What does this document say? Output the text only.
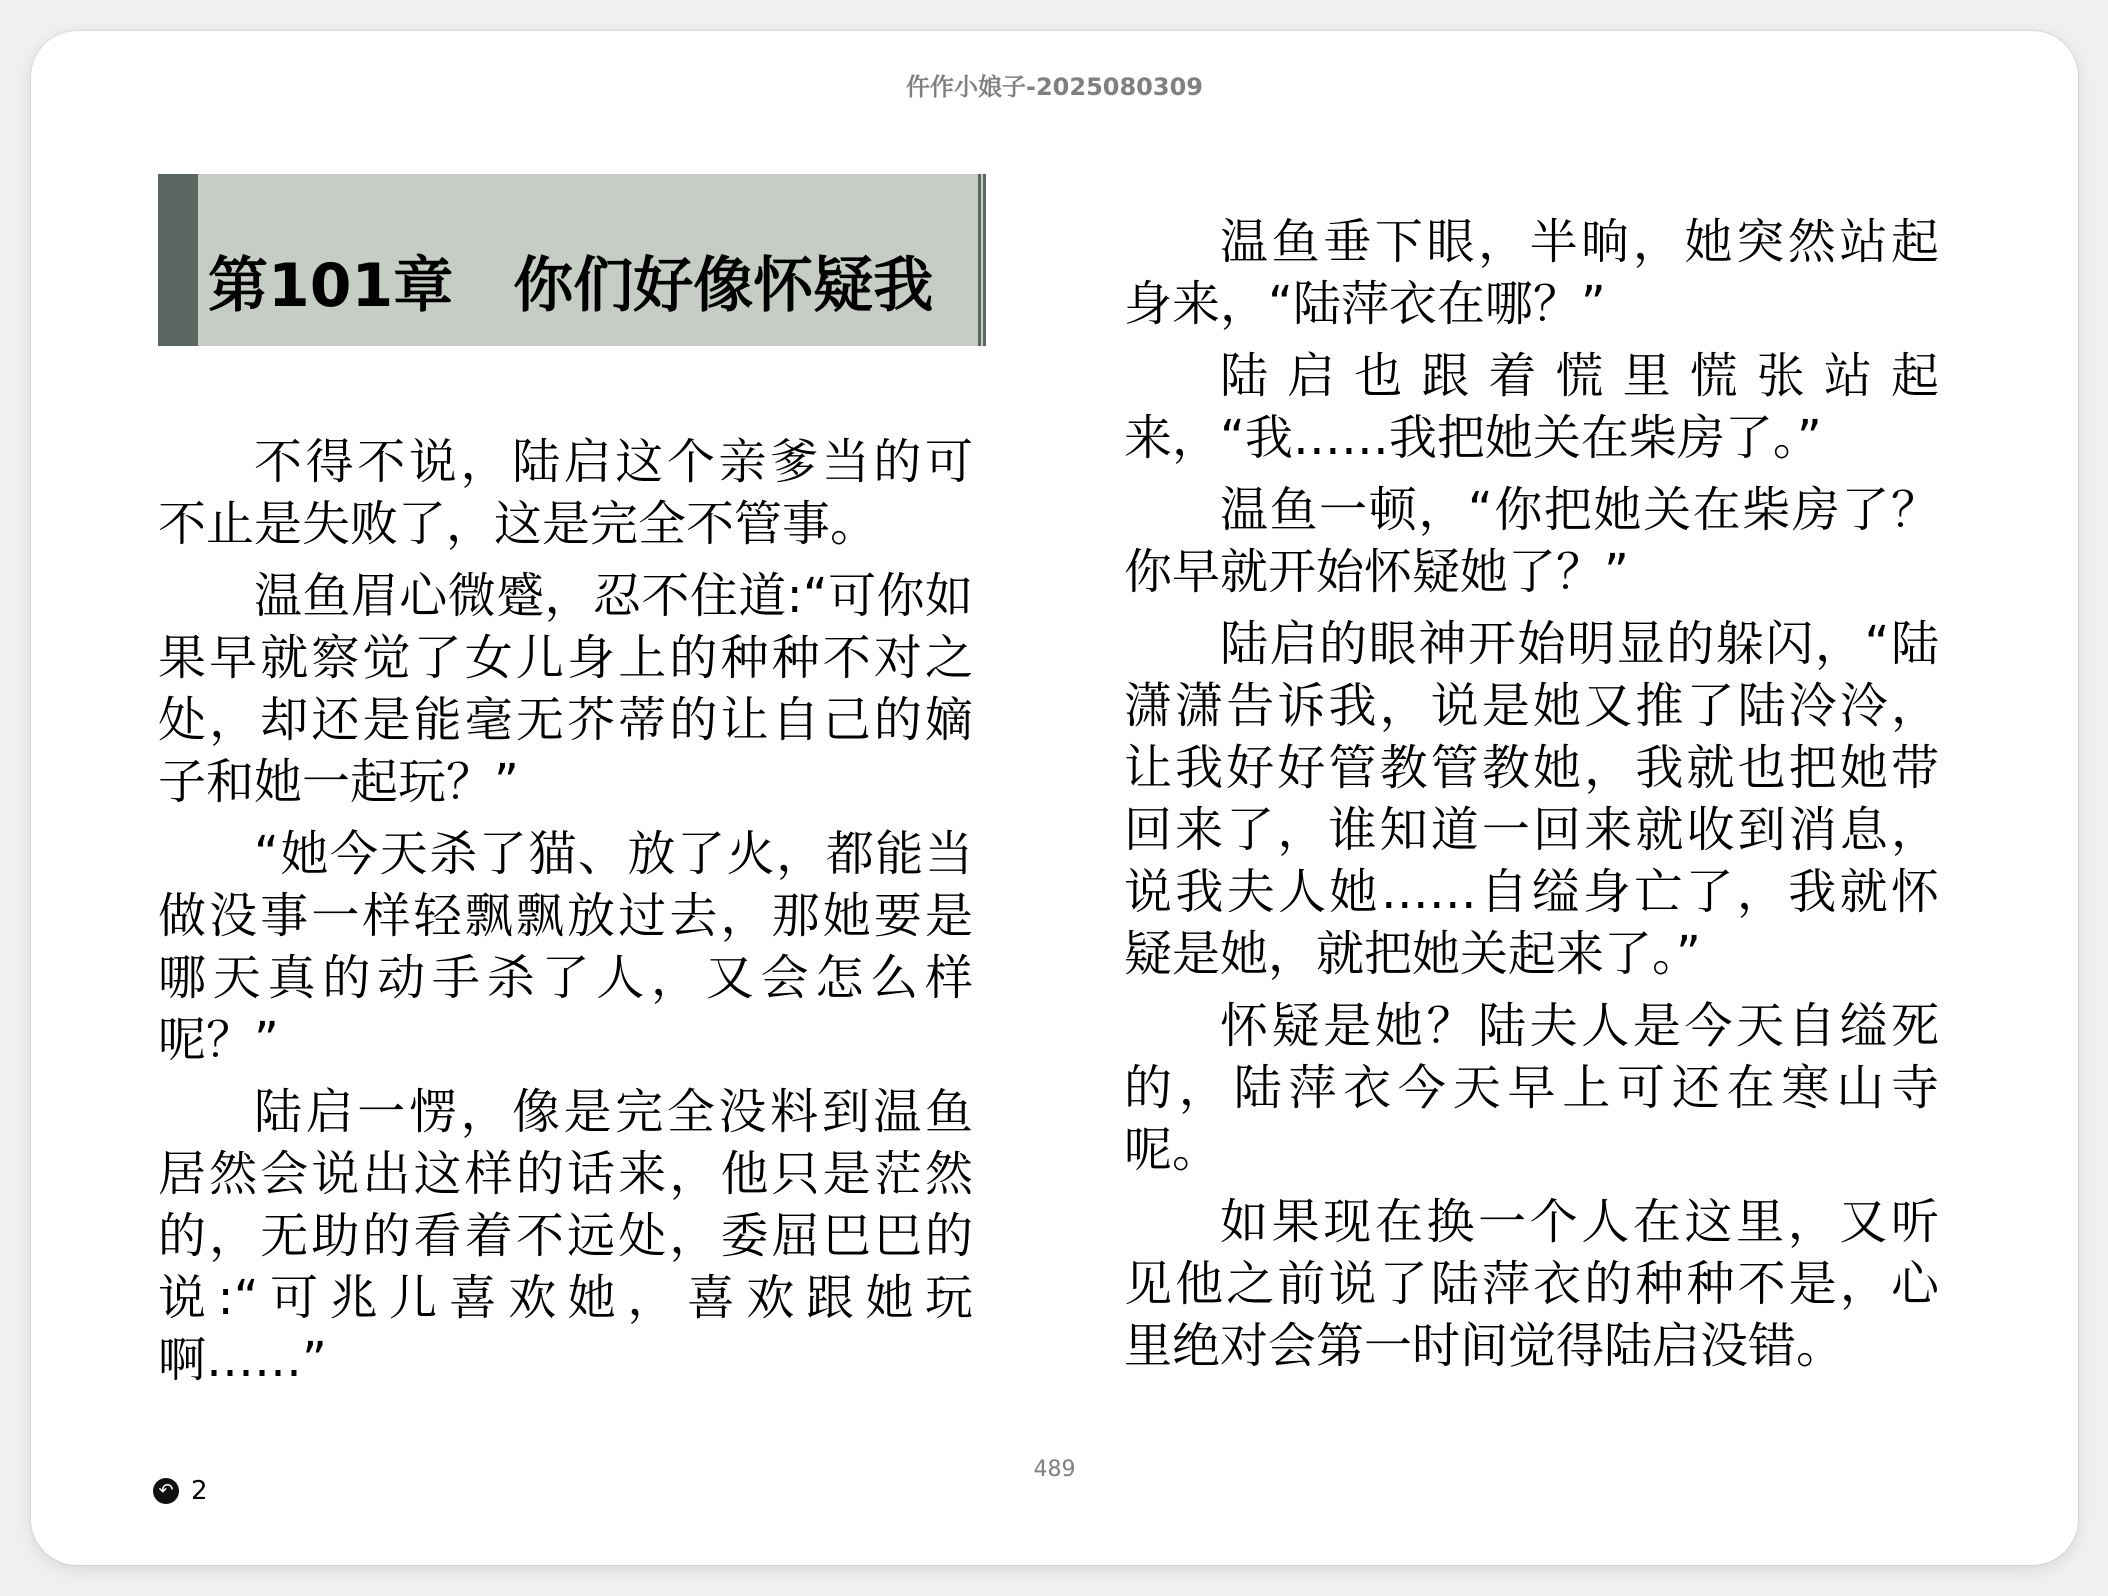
仵作小娘子-2025080309
第101章　你们好像怀疑我

不得不说，陆启这个亲爹当的可不止是失败了，这是完全不管事。

温鱼眉心微蹙，忍不住道:“可你如果早就察觉了女儿身上的种种不对之处，却还是能毫无芥蒂的让自己的嫡子和她一起玩？”

“她今天杀了猫、放了火，都能当做没事一样轻飘飘放过去，那她要是哪天真的动手杀了人，又会怎么样呢？”

陆启一愣，像是完全没料到温鱼居然会说出这样的话来，他只是茫然的，无助的看着不远处，委屈巴巴的说:“可兆儿喜欢她，喜欢跟她玩啊……”

温鱼垂下眼，半晌，她突然站起身来，“陆萍衣在哪？”

陆启也跟着慌里慌张站起来，“我……我把她关在柴房了。”

温鱼一顿，“你把她关在柴房了？你早就开始怀疑她了？”

陆启的眼神开始明显的躲闪，“陆潇潇告诉我，说是她又推了陆泠泠，让我好好管教管教她，我就也把她带回来了，谁知道一回来就收到消息，说我夫人她……自缢身亡了，我就怀疑是她，就把她关起来了。”

怀疑是她？陆夫人是今天自缢死的，陆萍衣今天早上可还在寒山寺呢。

如果现在换一个人在这里，又听见他之前说了陆萍衣的种种不是，心里绝对会第一时间觉得陆启没错。

489
↶ 2
